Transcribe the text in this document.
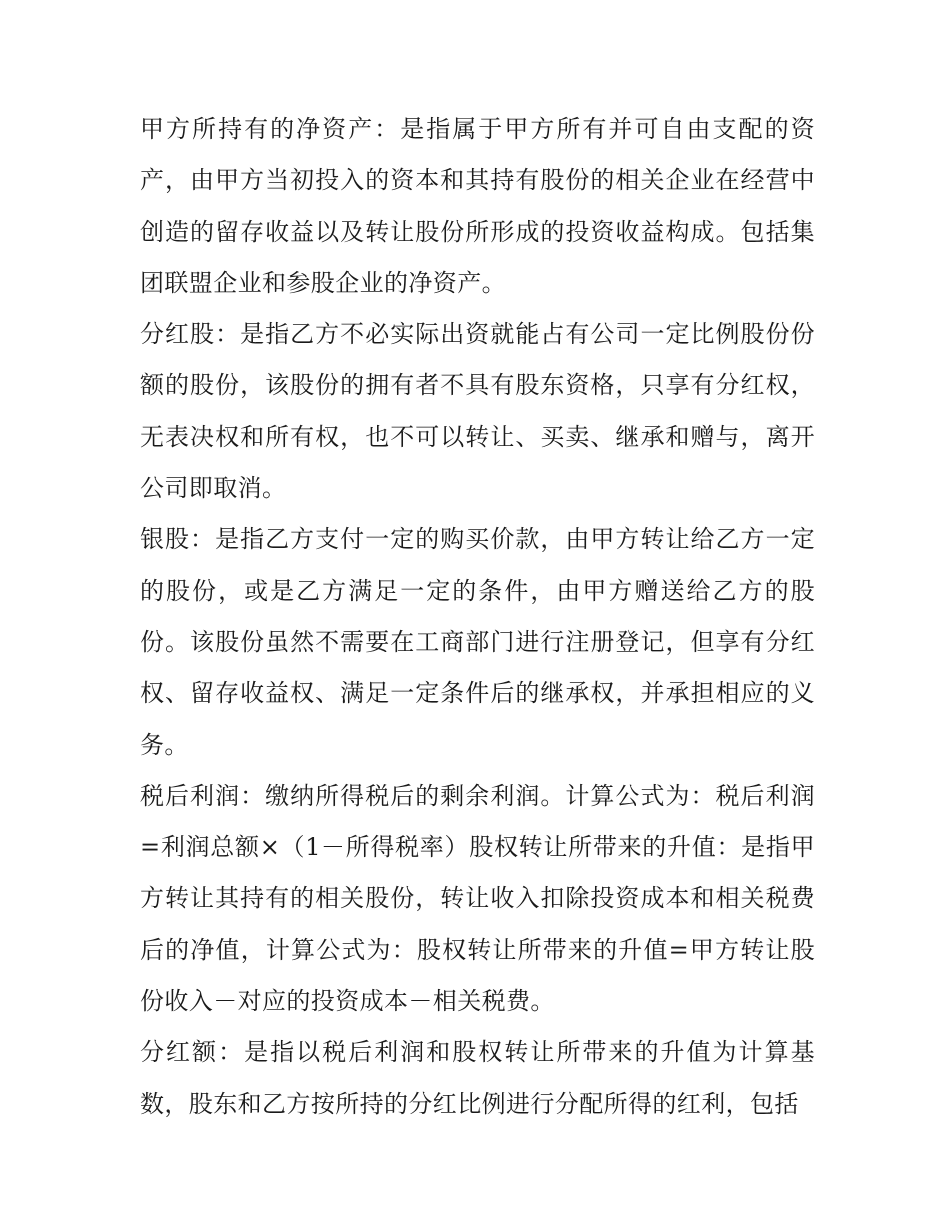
甲方所持有的净资产：是指属于甲方所有并可自由支配的资产，由甲方当初投入的资本和其持有股份的相关企业在经营中创造的留存收益以及转让股份所形成的投资收益构成。包括集团联盟企业和参股企业的净资产。

分红股：是指乙方不必实际出资就能占有公司一定比例股份份额的股份，该股份的拥有者不具有股东资格，只享有分红权，无表决权和所有权，也不可以转让、买卖、继承和赠与，离开公司即取消。

银股：是指乙方支付一定的购买价款，由甲方转让给乙方一定的股份，或是乙方满足一定的条件，由甲方赠送给乙方的股份。该股份虽然不需要在工商部门进行注册登记，但享有分红权、留存收益权、满足一定条件后的继承权，并承担相应的义务。

税后利润：缴纳所得税后的剩余利润。计算公式为：税后利润=利润总额×（1－所得税率）股权转让所带来的升值：是指甲方转让其持有的相关股份，转让收入扣除投资成本和相关税费后的净值，计算公式为：股权转让所带来的升值=甲方转让股份收入－对应的投资成本－相关税费。

分红额：是指以税后利润和股权转让所带来的升值为计算基数，股东和乙方按所持的分红比例进行分配所得的红利，包括
